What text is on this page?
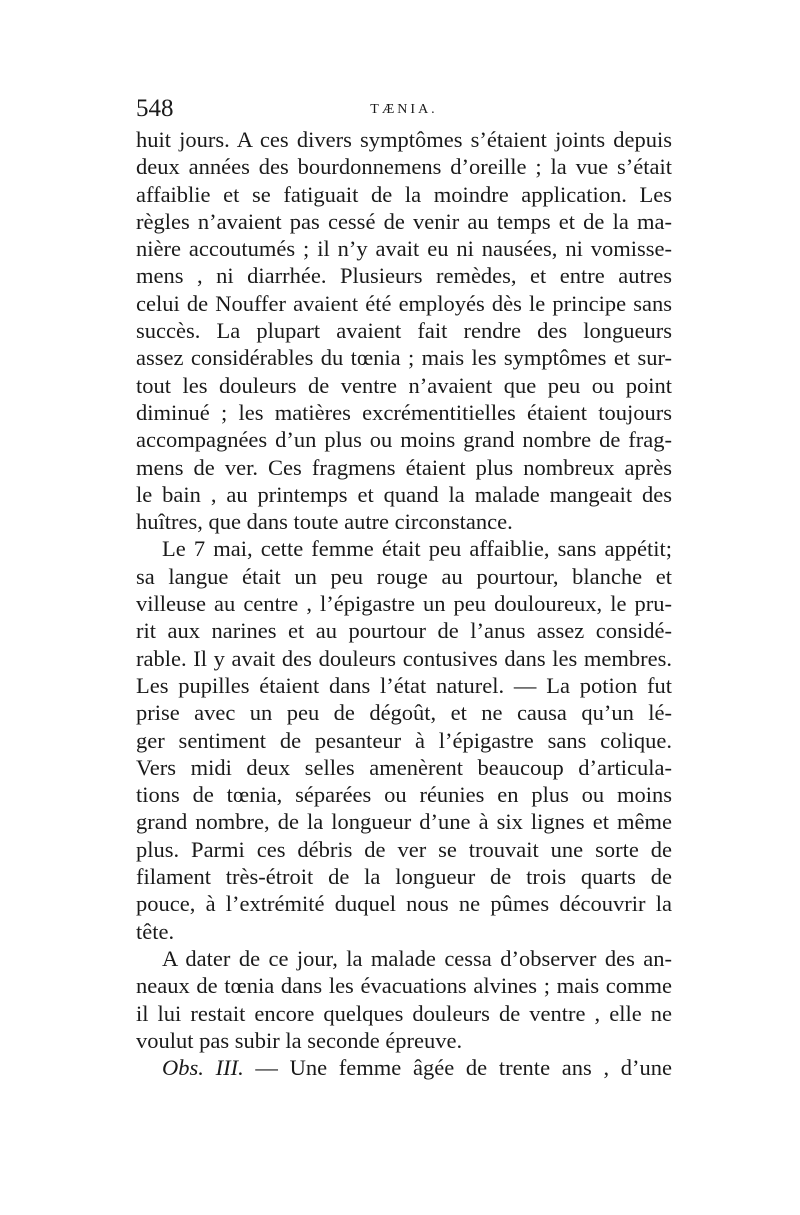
548	TÆNIA.
huit jours. A ces divers symptômes s’étaient joints depuis
deux années des bourdonnemens d’oreille ; la vue s’était
affaiblie et se fatiguait de la moindre application. Les
règles n’avaient pas cessé de venir au temps et de la ma-
nière accoutumés ; il n’y avait eu ni nausées, ni vomisse-
mens , ni diarrhée. Plusieurs remèdes, et entre autres
celui de Nouffer avaient été employés dès le principe sans
succès. La plupart avaient fait rendre des longueurs
assez considérables du tœnia ; mais les symptômes et sur-
tout les douleurs de ventre n’avaient que peu ou point
diminué ; les matières excrémentitielles étaient toujours
accompagnées d’un plus ou moins grand nombre de frag-
mens de ver. Ces fragmens étaient plus nombreux après
le bain , au printemps et quand la malade mangeait des
huîtres, que dans toute autre circonstance.
Le 7 mai, cette femme était peu affaiblie, sans appétit;
sa langue était un peu rouge au pourtour, blanche et
villeuse au centre , l’épigastre un peu douloureux, le pru-
rit aux narines et au pourtour de l’anus assez considé-
rable. Il y avait des douleurs contusives dans les membres.
Les pupilles étaient dans l’état naturel. — La potion fut
prise avec un peu de dégoût, et ne causa qu’un lé-
ger sentiment de pesanteur à l’épigastre sans colique.
Vers midi deux selles amenèrent beaucoup d’articula-
tions de tœnia, séparées ou réunies en plus ou moins
grand nombre, de la longueur d’une à six lignes et même
plus. Parmi ces débris de ver se trouvait une sorte de
filament très-étroit de la longueur de trois quarts de
pouce, à l’extrémité duquel nous ne pûmes découvrir la
tête.
A dater de ce jour, la malade cessa d’observer des an-
neaux de tœnia dans les évacuations alvines ; mais comme
il lui restait encore quelques douleurs de ventre , elle ne
voulut pas subir la seconde épreuve.
Obs. III. — Une femme âgée de trente ans , d’une
